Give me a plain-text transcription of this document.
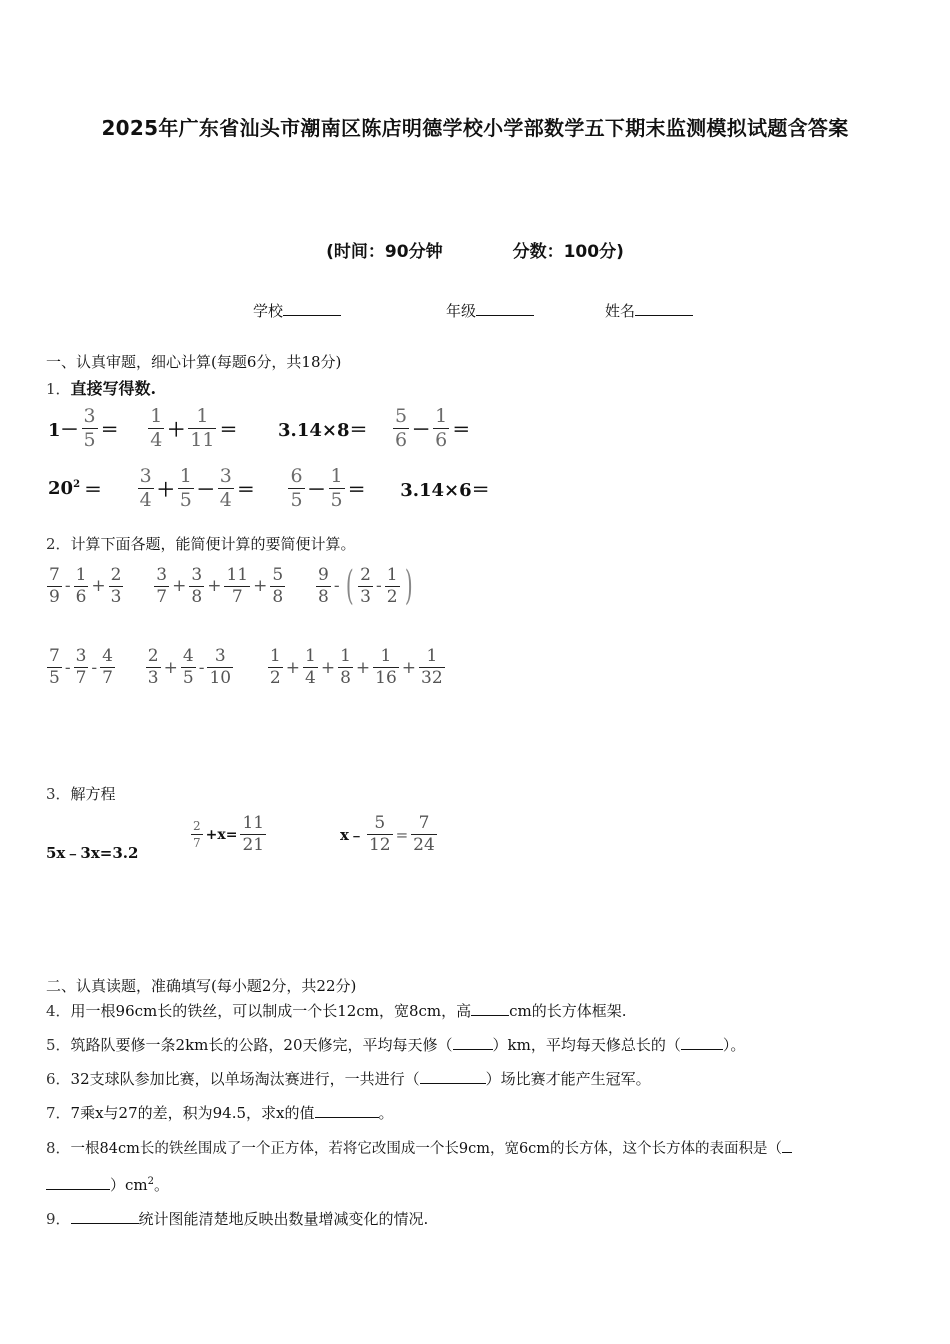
2025年广东省汕头市潮南区陈店明德学校小学部数学五下期末监测模拟试题含答案
(时间：90分钟	分数：100分)
学校	年级	姓名
一、认真审题，细心计算(每题6分，共18分)
1．直接写得数.
$1- \frac{3}{5} = \frac{1}{4} + \frac{1}{11} = 3.14\times 8= \frac{5}{6} - \frac{1}{6}$ ＝
$20^2 = \frac{3}{4} + \frac{1}{5} - \frac{3}{4} = \frac{6}{5} - \frac{1}{5} = 3.14\times 6=$
2．计算下面各题，能简便计算的要简便计算。
$\frac{7}{9} - \frac{1}{6} + \frac{2}{3}$
$\frac{3}{7} + \frac{3}{8} + \frac{11}{7} + \frac{5}{8}$
$\frac{9}{8}$ - ( $\frac{2}{3} - \frac{1}{2}$ )
$\frac{7}{5} - \frac{3}{7} - \frac{4}{7}$
$\frac{2}{3} + \frac{4}{5} - \frac{3}{10}$
$\frac{1}{2} + \frac{1}{4} + \frac{1}{8} + \frac{1}{16} + \frac{1}{32}$
3．解方程
5x﹣3x=3.2
$\frac{2}{7} +x= \frac{11}{21}$	x﹣ $\frac{5}{12} = \frac{7}{24}$
二、认真读题，准确填写(每小题2分，共22分)
4．用一根96cm长的铁丝，可以制成一个长12cm，宽8cm，高	cm的长方体框架.
5．筑路队要修一条2km长的公路，20天修完，平均每天修（	）km，平均每天修总长的（	）。
6．32支球队参加比赛，以单场淘汰赛进行，一共进行（	）场比赛才能产生冠军。
7．7乘x与27的差，积为94.5，求x的值	。
8．一根84cm长的铁丝围成了一个正方体，若将它改围成一个长9cm，宽6cm的长方体，这个长方体的表面积是（
）$cm^2$。
9．	统计图能清楚地反映出数量增减变化的情况.
